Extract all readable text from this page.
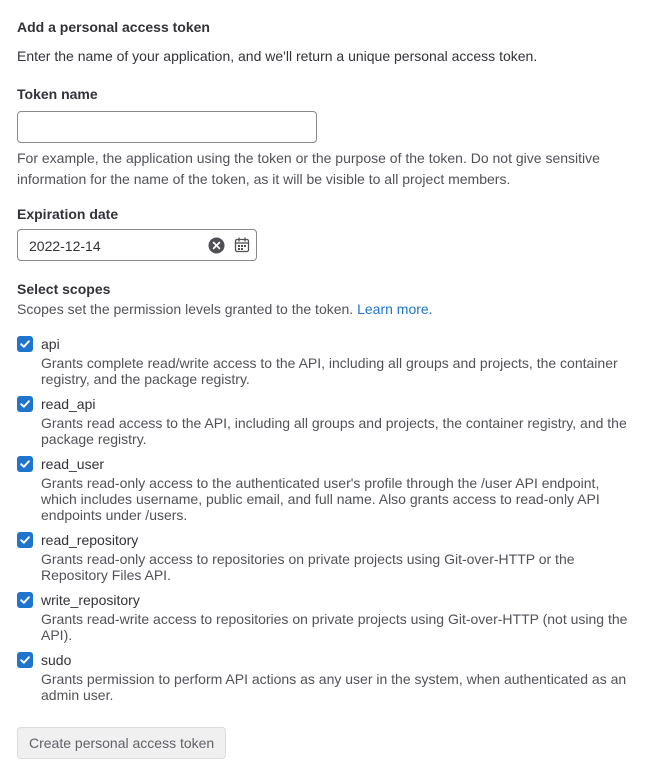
Add a personal access token
Enter the name of your application, and we'll return a unique personal access token.
Token name
For example, the application using the token or the purpose of the token. Do not give sensitive information for the name of the token, as it will be visible to all project members.
Expiration date
2022-12-14
Select scopes
Scopes set the permission levels granted to the token. Learn more.
api
Grants complete read/write access to the API, including all groups and projects, the container registry, and the package registry.
read_api
Grants read access to the API, including all groups and projects, the container registry, and the package registry.
read_user
Grants read-only access to the authenticated user's profile through the /user API endpoint, which includes username, public email, and full name. Also grants access to read-only API endpoints under /users.
read_repository
Grants read-only access to repositories on private projects using Git-over-HTTP or the Repository Files API.
write_repository
Grants read-write access to repositories on private projects using Git-over-HTTP (not using the API).
sudo
Grants permission to perform API actions as any user in the system, when authenticated as an admin user.
Create personal access token
